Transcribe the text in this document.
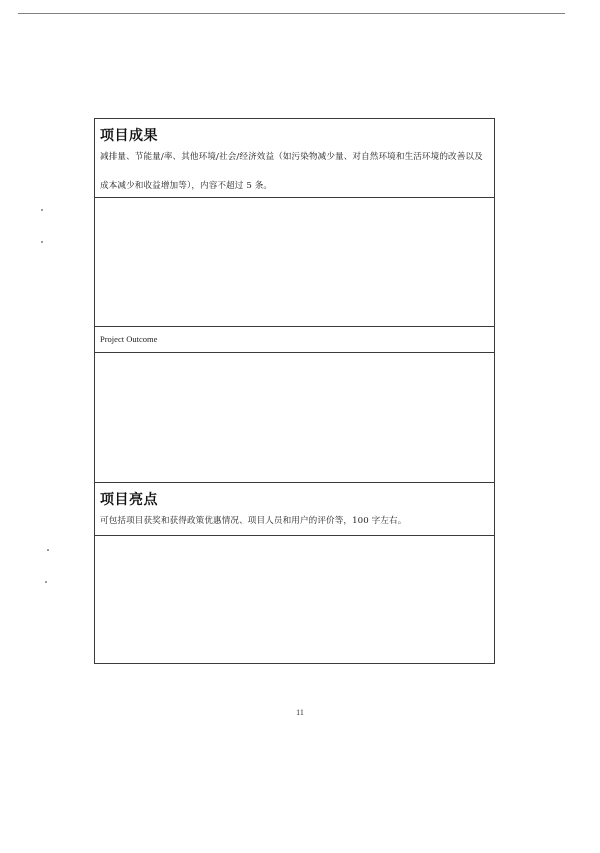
项目成果
减排量、节能量/率、其他环境/社会/经济效益（如污染物减少量、对自然环境和生活环境的改善以及成本减少和收益增加等），内容不超过 5 条。
Project Outcome
项目亮点
可包括项目获奖和获得政策优惠情况、项目人员和用户的评价等，100 字左右。
11
